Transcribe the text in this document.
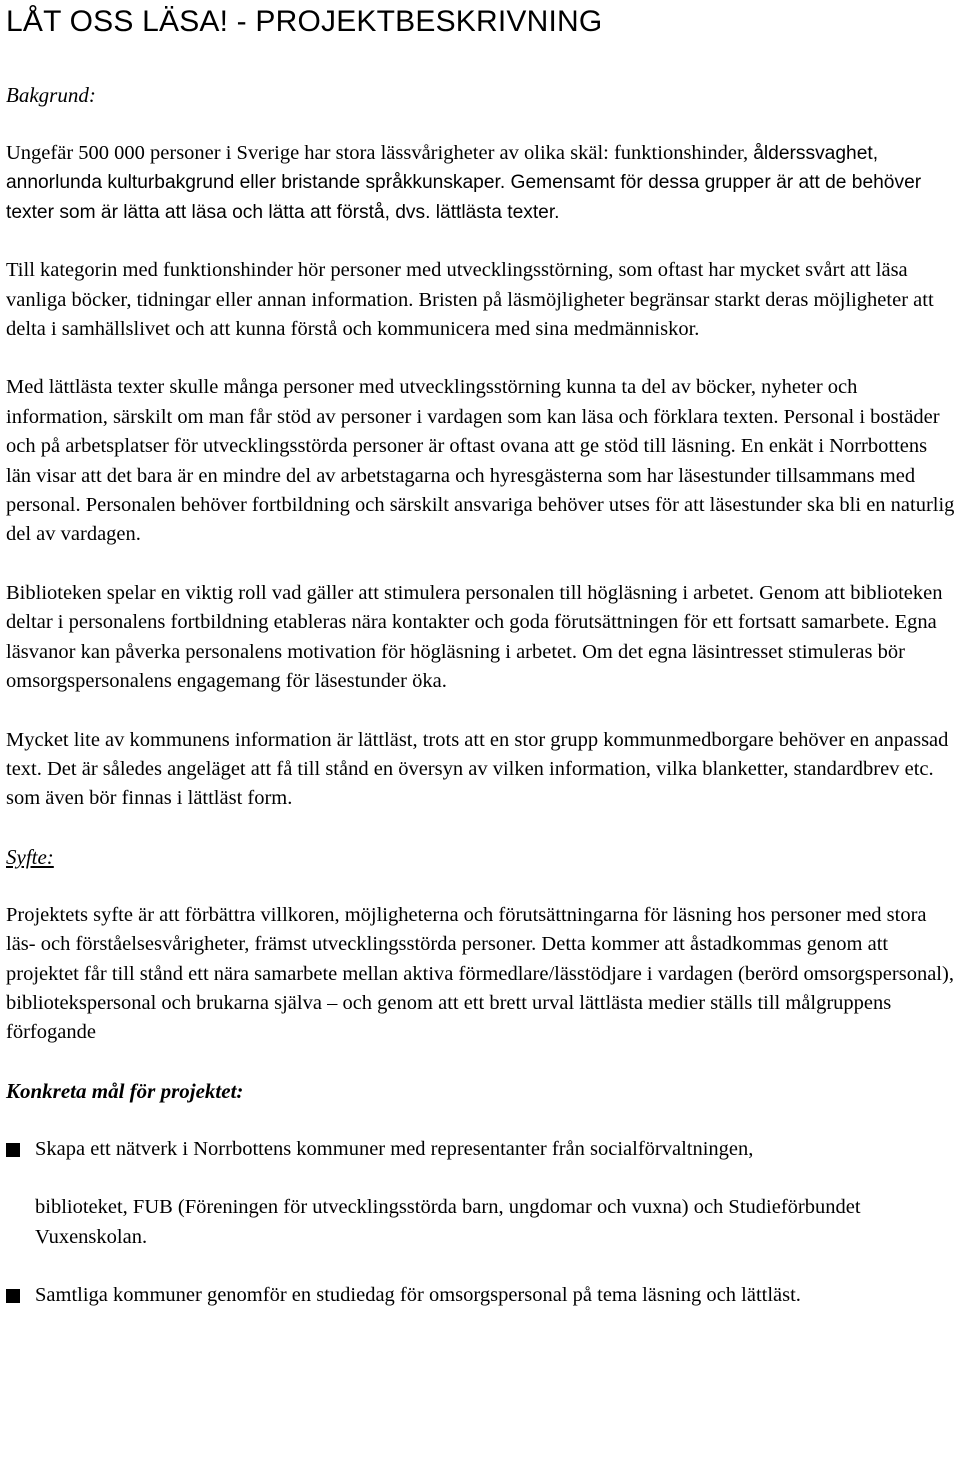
LÅT OSS LÄSA! - PROJEKTBESKRIVNING
Bakgrund:

Ungefär 500 000 personer i Sverige har stora lässvårigheter av olika skäl: funktionshinder, ålderssvaghet, annorlunda kulturbakgrund eller bristande språkkunskaper. Gemensamt för dessa grupper är att de behöver texter som är lätta att läsa och lätta att förstå, dvs. lättlästa texter.

Till kategorin med funktionshinder hör personer med utvecklingsstörning, som oftast har mycket svårt att läsa vanliga böcker, tidningar eller annan information. Bristen på läsmöjligheter begränsar starkt deras möjligheter att delta i samhällslivet och att kunna förstå och kommunicera med sina medmänniskor.

Med lättlästa texter skulle många personer med utvecklingsstörning kunna ta del av böcker, nyheter och information, särskilt om man får stöd av personer i vardagen som kan läsa och förklara texten. Personal i bostäder och på arbetsplatser för utvecklingsstörda personer är oftast ovana att ge stöd till läsning. En enkät i Norrbottens län visar att det bara är en mindre del av arbetstagarna och hyresgästerna som har läsestunder tillsammans med personal. Personalen behöver fortbildning och särskilt ansvariga behöver utses för att läsestunder ska bli en naturlig del av vardagen.

Biblioteken spelar en viktig roll vad gäller att stimulera personalen till högläsning i arbetet. Genom att biblioteken deltar i personalens fortbildning etableras nära kontakter och goda förutsättningen för ett fortsatt samarbete. Egna läsvanor kan påverka personalens motivation för högläsning i arbetet. Om det egna läsintresset stimuleras bör omsorgspersonalens engagemang för läsestunder öka.

Mycket lite av kommunens information är lättläst, trots att en stor grupp kommunmedborgare behöver en anpassad text. Det är således angeläget att få till stånd en översyn av vilken information, vilka blanketter, standardbrev etc. som även bör finnas i lättläst form.

Syfte:

Projektets syfte är att förbättra villkoren, möjligheterna och förutsättningarna för läsning hos personer med stora läs- och förståelsesvårigheter, främst utvecklingsstörda personer. Detta kommer att åstadkommas genom att projektet får till stånd ett nära samarbete mellan aktiva förmedlare/lässtödjare i vardagen (berörd omsorgspersonal), bibliotekspersonal och brukarna själva – och genom att ett brett urval lättlästa medier ställs till målgruppens förfogande

Konkreta mål för projektet:
Skapa ett nätverk i Norrbottens kommuner med representanter från socialförvaltningen,
biblioteket, FUB (Föreningen för utvecklingsstörda barn, ungdomar och vuxna) och Studieförbundet Vuxenskolan.
Samtliga kommuner genomför en studiedag för omsorgspersonal på tema läsning och lättläst.
